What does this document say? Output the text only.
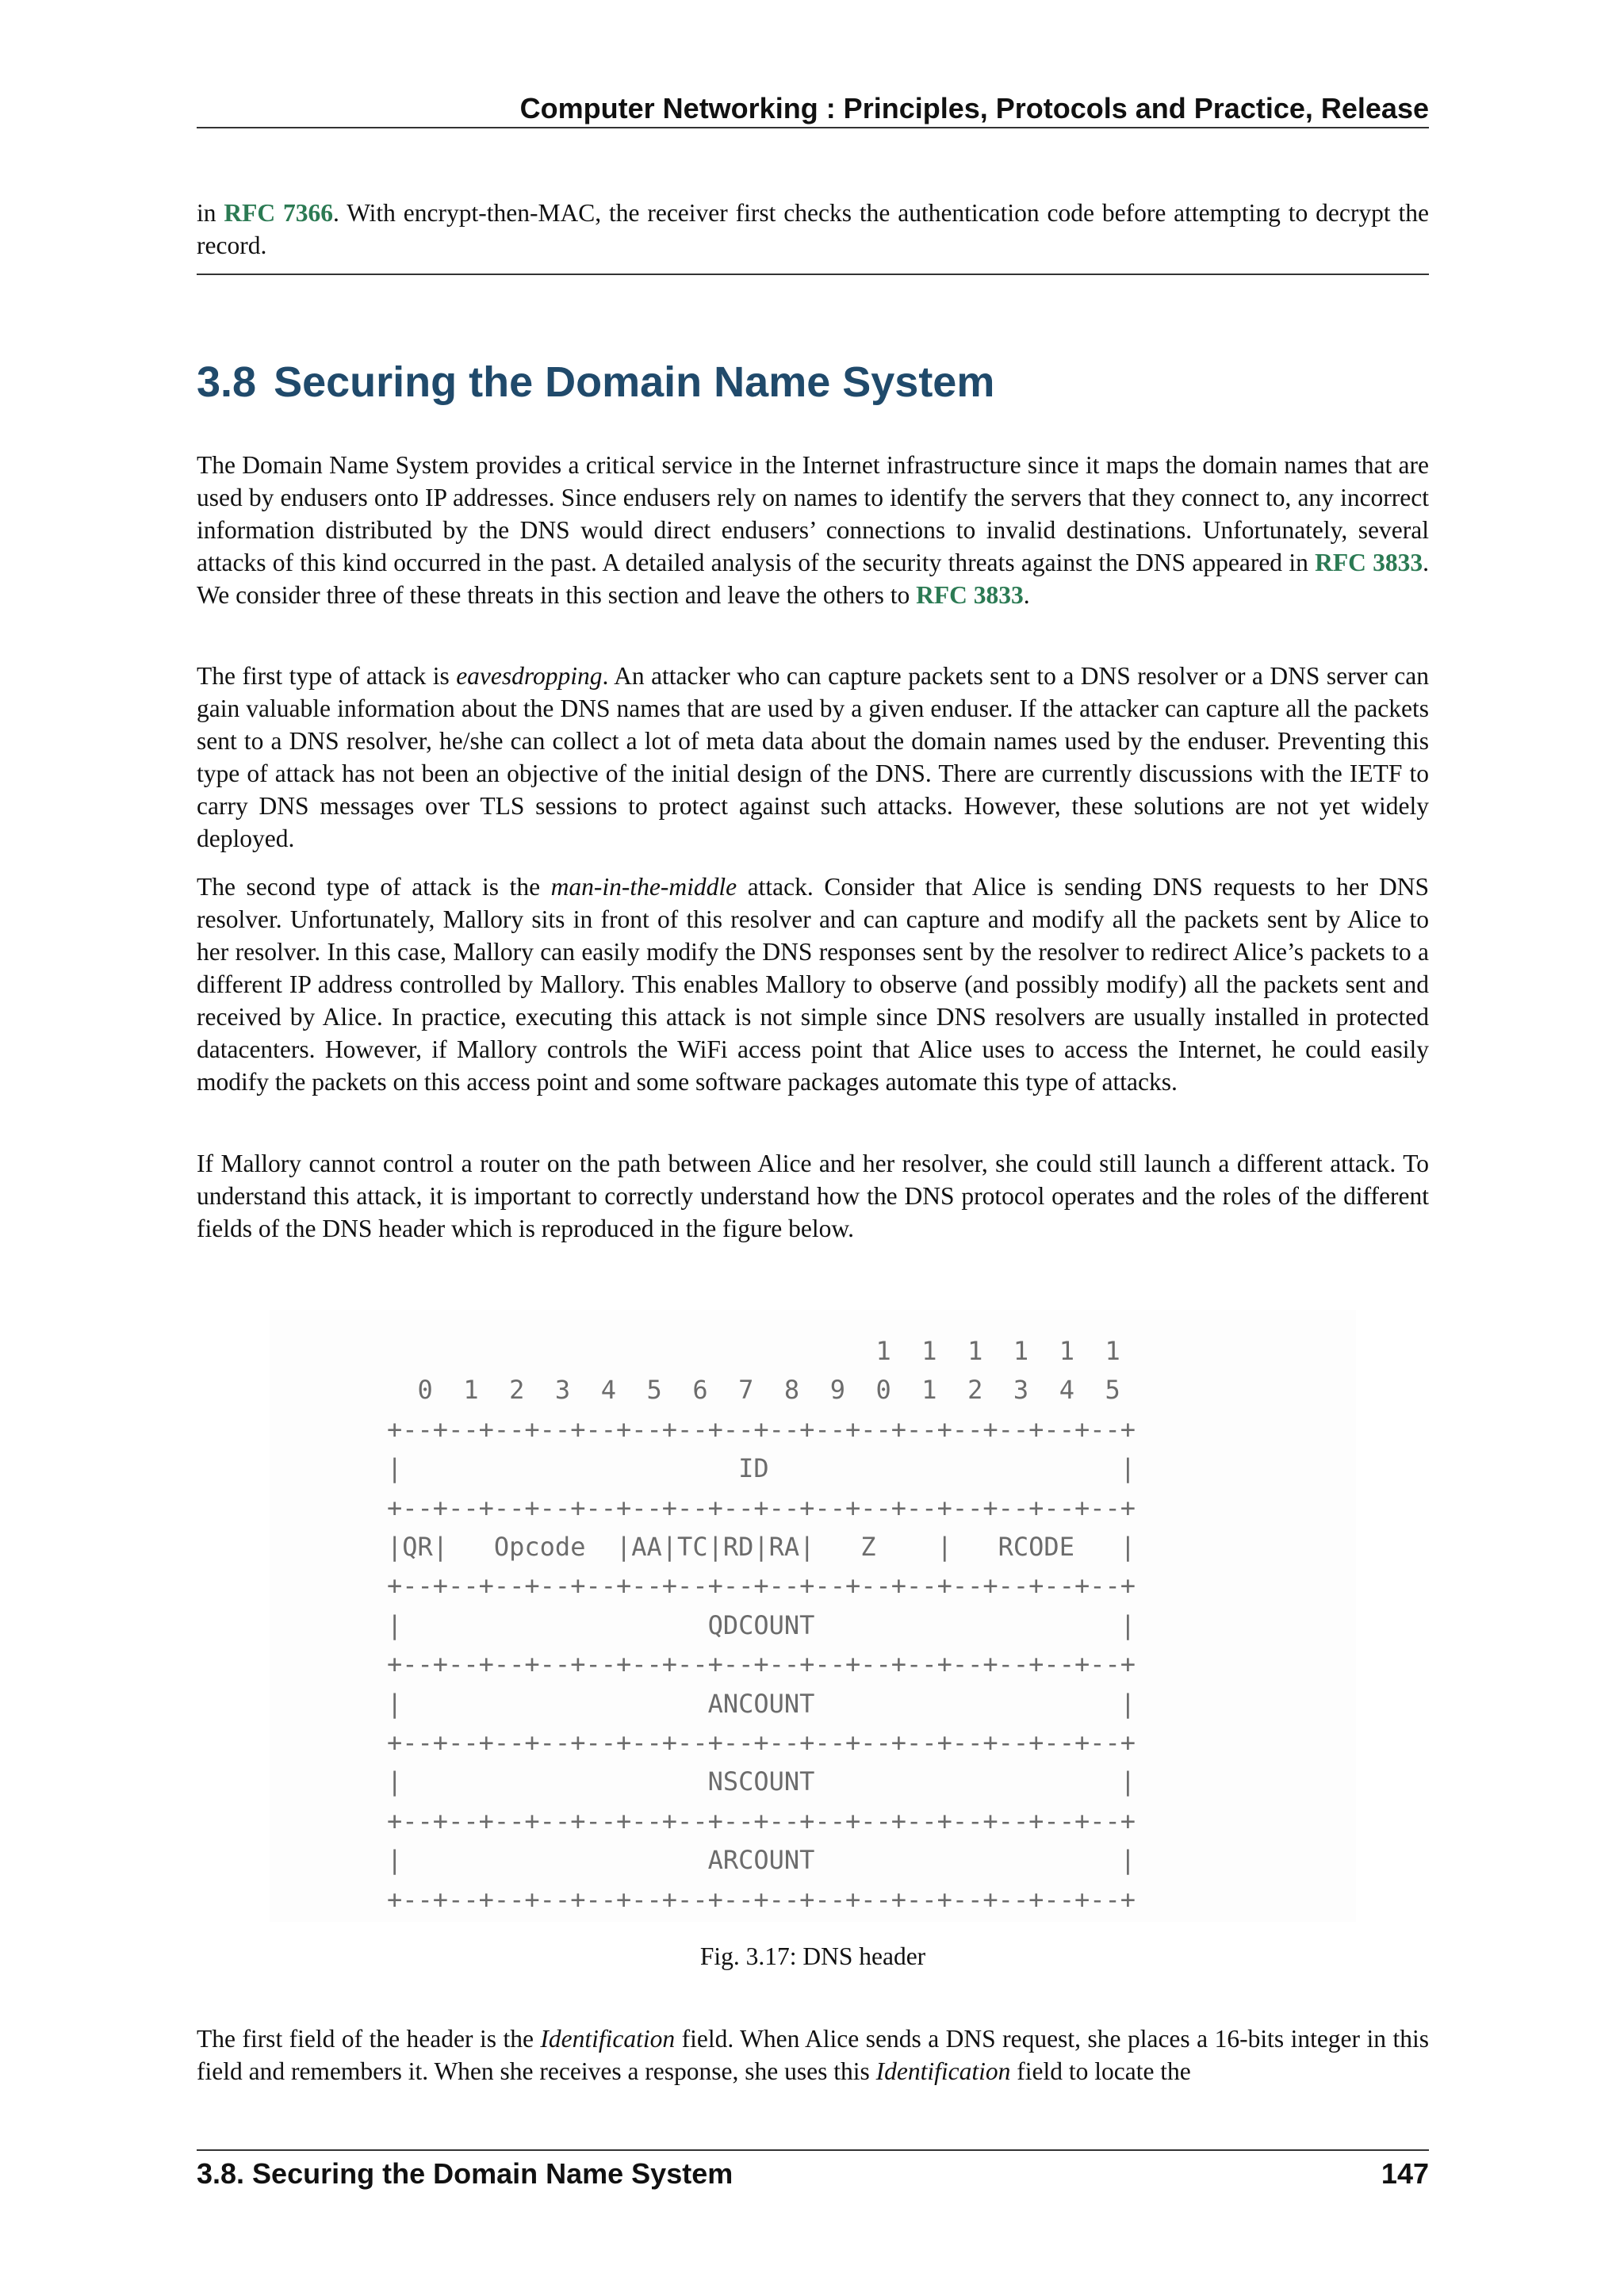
Computer Networking : Principles, Protocols and Practice, Release

in RFC 7366. With encrypt-then-MAC, the receiver first checks the authentication code before attempting to decrypt the record.

3.8 Securing the Domain Name System

The Domain Name System provides a critical service in the Internet infrastructure since it maps the domain names that are used by endusers onto IP addresses. Since endusers rely on names to identify the servers that they connect to, any incorrect information distributed by the DNS would direct endusers’ connections to invalid destinations. Unfortunately, several attacks of this kind occurred in the past. A detailed analysis of the security threats against the DNS appeared in RFC 3833. We consider three of these threats in this section and leave the others to RFC 3833.

The first type of attack is eavesdropping. An attacker who can capture packets sent to a DNS resolver or a DNS server can gain valuable information about the DNS names that are used by a given enduser. If the attacker can capture all the packets sent to a DNS resolver, he/she can collect a lot of meta data about the domain names used by the enduser. Preventing this type of attack has not been an objective of the initial design of the DNS. There are currently discussions with the IETF to carry DNS messages over TLS sessions to protect against such attacks. However, these solutions are not yet widely deployed.

The second type of attack is the man-in-the-middle attack. Consider that Alice is sending DNS requests to her DNS resolver. Unfortunately, Mallory sits in front of this resolver and can capture and modify all the packets sent by Alice to her resolver. In this case, Mallory can easily modify the DNS responses sent by the resolver to redirect Alice’s packets to a different IP address controlled by Mallory. This enables Mallory to observe (and possibly modify) all the packets sent and received by Alice. In practice, executing this attack is not simple since DNS resolvers are usually installed in protected datacenters. However, if Mallory controls the WiFi access point that Alice uses to access the Internet, he could easily modify the packets on this access point and some software packages automate this type of attacks.

If Mallory cannot control a router on the path between Alice and her resolver, she could still launch a different attack. To understand this attack, it is important to correctly understand how the DNS protocol operates and the roles of the different fields of the DNS header which is reproduced in the figure below.

1  1  1  1  1  1
0  1  2  3  4  5  6  7  8  9  0  1  2  3  4  5
+--+--+--+--+--+--+--+--+--+--+--+--+--+--+--+--+
|                      ID                       |
+--+--+--+--+--+--+--+--+--+--+--+--+--+--+--+--+
|QR|   Opcode  |AA|TC|RD|RA|   Z    |   RCODE   |
+--+--+--+--+--+--+--+--+--+--+--+--+--+--+--+--+
|                    QDCOUNT                    |
+--+--+--+--+--+--+--+--+--+--+--+--+--+--+--+--+
|                    ANCOUNT                    |
+--+--+--+--+--+--+--+--+--+--+--+--+--+--+--+--+
|                    NSCOUNT                    |
+--+--+--+--+--+--+--+--+--+--+--+--+--+--+--+--+
|                    ARCOUNT                    |
+--+--+--+--+--+--+--+--+--+--+--+--+--+--+--+--+
Fig. 3.17: DNS header

The first field of the header is the Identification field. When Alice sends a DNS request, she places a 16-bits integer in this field and remembers it. When she receives a response, she uses this Identification field to locate the

3.8. Securing the Domain Name System	147
